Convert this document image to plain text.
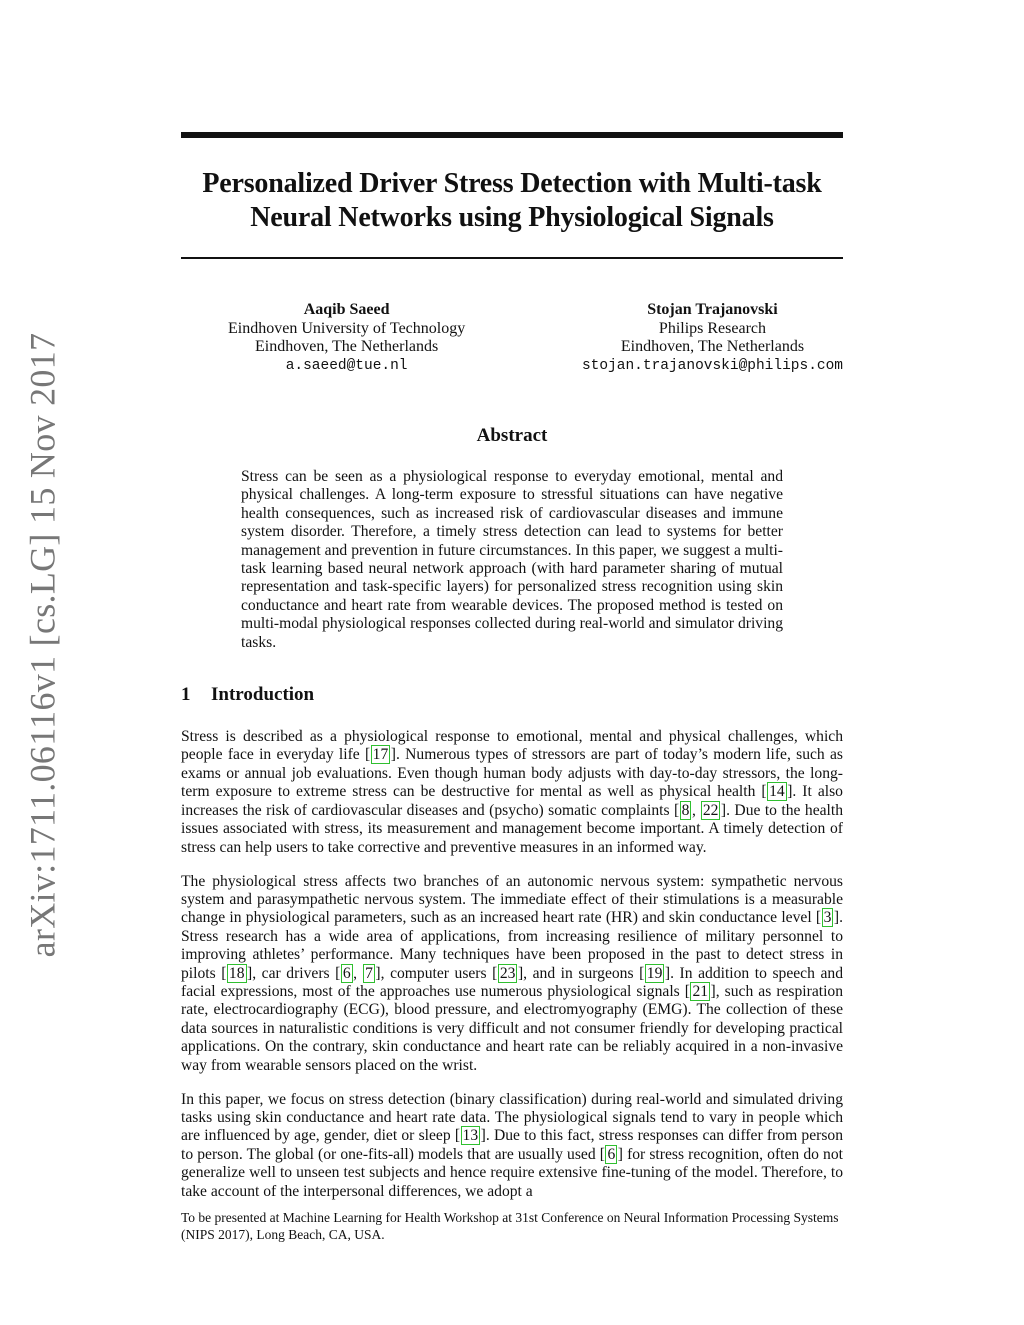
arXiv:1711.06116v1 [cs.LG] 15 Nov 2017
Personalized Driver Stress Detection with Multi-task
Neural Networks using Physiological Signals
Aaqib Saeed
Eindhoven University of Technology
Eindhoven, The Netherlands
a.saeed@tue.nl
Stojan Trajanovski
Philips Research
Eindhoven, The Netherlands
stojan.trajanovski@philips.com
Abstract
Stress can be seen as a physiological response to everyday emotional, mental and physical challenges. A long-term exposure to stressful situations can have negative health consequences, such as increased risk of cardiovascular diseases and immune system disorder. Therefore, a timely stress detection can lead to systems for better management and prevention in future circumstances. In this paper, we suggest a multi-task learning based neural network approach (with hard parameter sharing of mutual representation and task-specific layers) for personalized stress recognition using skin conductance and heart rate from wearable devices. The proposed method is tested on multi-modal physiological responses collected during real-world and simulator driving tasks.
1 Introduction

Stress is described as a physiological response to emotional, mental and physical challenges, which people face in everyday life [ 17 ]. Numerous types of stressors are part of today’s modern life, such as exams or annual job evaluations. Even though human body adjusts with day-to-day stressors, the long-term exposure to extreme stress can be destructive for mental as well as physical health [ 14 ]. It also increases the risk of cardiovascular diseases and (psycho) somatic complaints [ 8 , 22 ]. Due to the health issues associated with stress, its measurement and management become important. A timely detection of stress can help users to take corrective and preventive measures in an informed way.

The physiological stress affects two branches of an autonomic nervous system: sympathetic nervous system and parasympathetic nervous system. The immediate effect of their stimulations is a measurable change in physiological parameters, such as an increased heart rate (HR) and skin conductance level [ 3 ]. Stress research has a wide area of applications, from increasing resilience of military personnel to improving athletes’ performance. Many techniques have been proposed in the past to detect stress in pilots [ 18 ], car drivers [ 6 , 7 ], computer users [ 23 ], and in surgeons [ 19 ]. In addition to speech and facial expressions, most of the approaches use numerous physiological signals [ 21 ], such as respiration rate, electrocardiography (ECG), blood pressure, and electromyography (EMG). The collection of these data sources in naturalistic conditions is very difficult and not consumer friendly for developing practical applications. On the contrary, skin conductance and heart rate can be reliably acquired in a non-invasive way from wearable sensors placed on the wrist.

In this paper, we focus on stress detection (binary classification) during real-world and simulated driving tasks using skin conductance and heart rate data. The physiological signals tend to vary in people which are influenced by age, gender, diet or sleep [ 13 ]. Due to this fact, stress responses can differ from person to person. The global (or one-fits-all) models that are usually used [ 6 ] for stress recognition, often do not generalize well to unseen test subjects and hence require extensive fine-tuning of the model. Therefore, to take account of the interpersonal differences, we adopt a

To be presented at Machine Learning for Health Workshop at 31st Conference on Neural Information Processing Systems (NIPS 2017), Long Beach, CA, USA.
